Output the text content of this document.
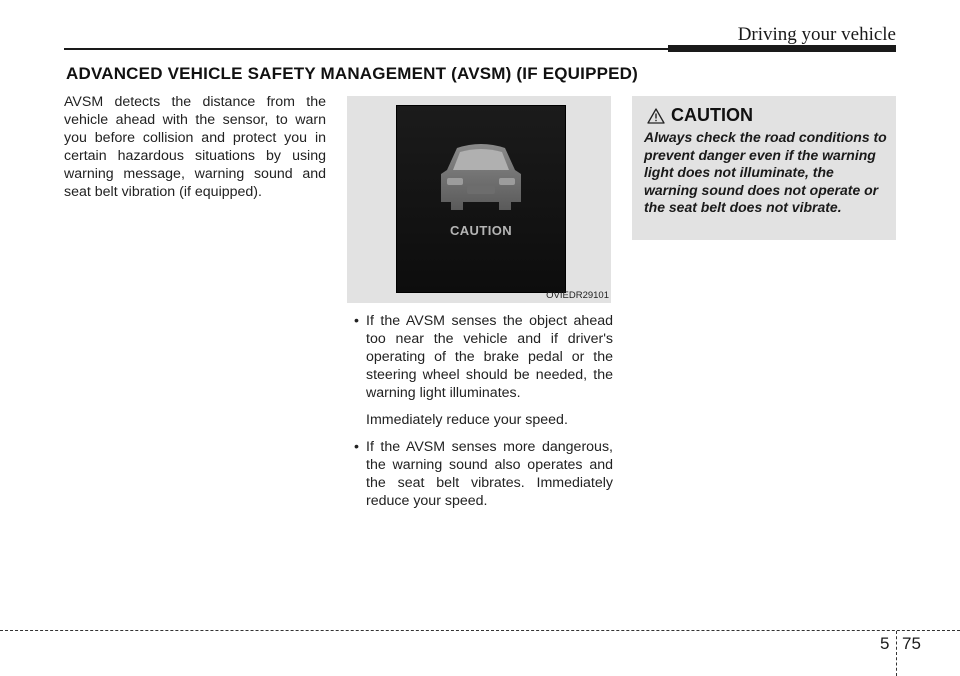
Driving your vehicle
ADVANCED VEHICLE SAFETY MANAGEMENT (AVSM) (IF EQUIPPED)

AVSM detects the distance from the vehicle ahead with the sensor, to warn you before collision and protect you in certain hazardous situations by using warning message, warning sound and seat belt vibration (if equipped).

CAUTION
OVIEDR29101
• If the AVSM senses the object ahead too near the vehicle and if driver's operating of the brake pedal or the steering wheel should be needed, the warning light illuminates.
Immediately reduce your speed.
• If the AVSM senses more dangerous, the warning sound also operates and the seat belt vibrates. Immediately reduce your speed.
CAUTION

Always check the road conditions to prevent danger even if the warning light does not illuminate, the warning sound does not operate or the seat belt does not vibrate.

5 75
